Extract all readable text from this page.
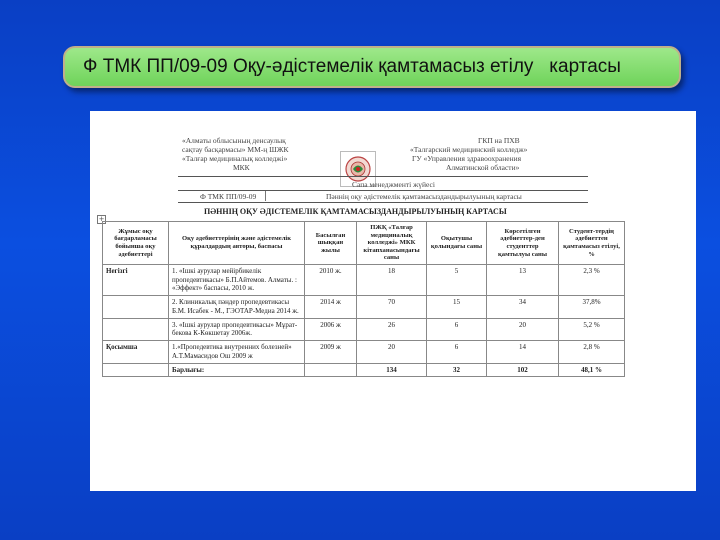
Ф ТМК ПП/09-09 Оқу-әдістемелік қамтамасыз етілу   картасы
«Алматы облысының денсаулық
сақтау басқармасы» ММ-ң ШЖК
«Талғар медициналық колледжі»
МКК
ГКП на ПХВ
«Талгарский медицинский колледж»
ГУ «Управления здравоохранения
Алматинской области»
Сапа менеджменті жүйесі
Ф ТМК ПП/09-09	Пәннің оқу әдістемелік қамтамасыздандырылуының картасы
ПӘННІҢ ОҚУ ӘДІСТЕМЕЛІК ҚАМТАМАСЫЗДАНДЫРЫЛУЫНЫҢ КАРТАСЫ
+
Жұмыс оқу бағдарламасы бойынша оқу әдебиеттері	Оқу әдебиеттерінің және әдістемелік құралдардың авторы, баспасы	Басылған шыққан жылы	ПЖҚ «Талғар медициналық колледжі» МКК кітапханасындағы саны	Оқытушы қолындағы саны	Көрсетілген әдебиеттер-ден студенттер қамтылуы саны	Студент-тердің әдебиеттен қамтамасыз етілуі, %
Негізгі	1. «Ішкі аурулар мейірбикелік пропедевтикасы» Б.П.Айтемов. Алматы. : «Эффект» баспасы, 2010 ж.	2010 ж.	18	5	13	2,3 %
	2. Клиникалық пәндер пропедевтикасы Б.М. Исабек - М., ГЭОТАР-Медиа 2014 ж.	2014 ж	70	15	34	37,8%
	3. «Ішкі аурулар пропедевтикасы» Мұратбекова К-Көкшетау 2006ж.	2006 ж	26	6	20	5,2 %
Қосымша	1.«Пропедевтика внутренних болезней» А.Т.Мамасидов Ош 2009 ж	2009 ж	20	6	14	2,8 %
	Барлығы:		134	32	102	48,1 %
